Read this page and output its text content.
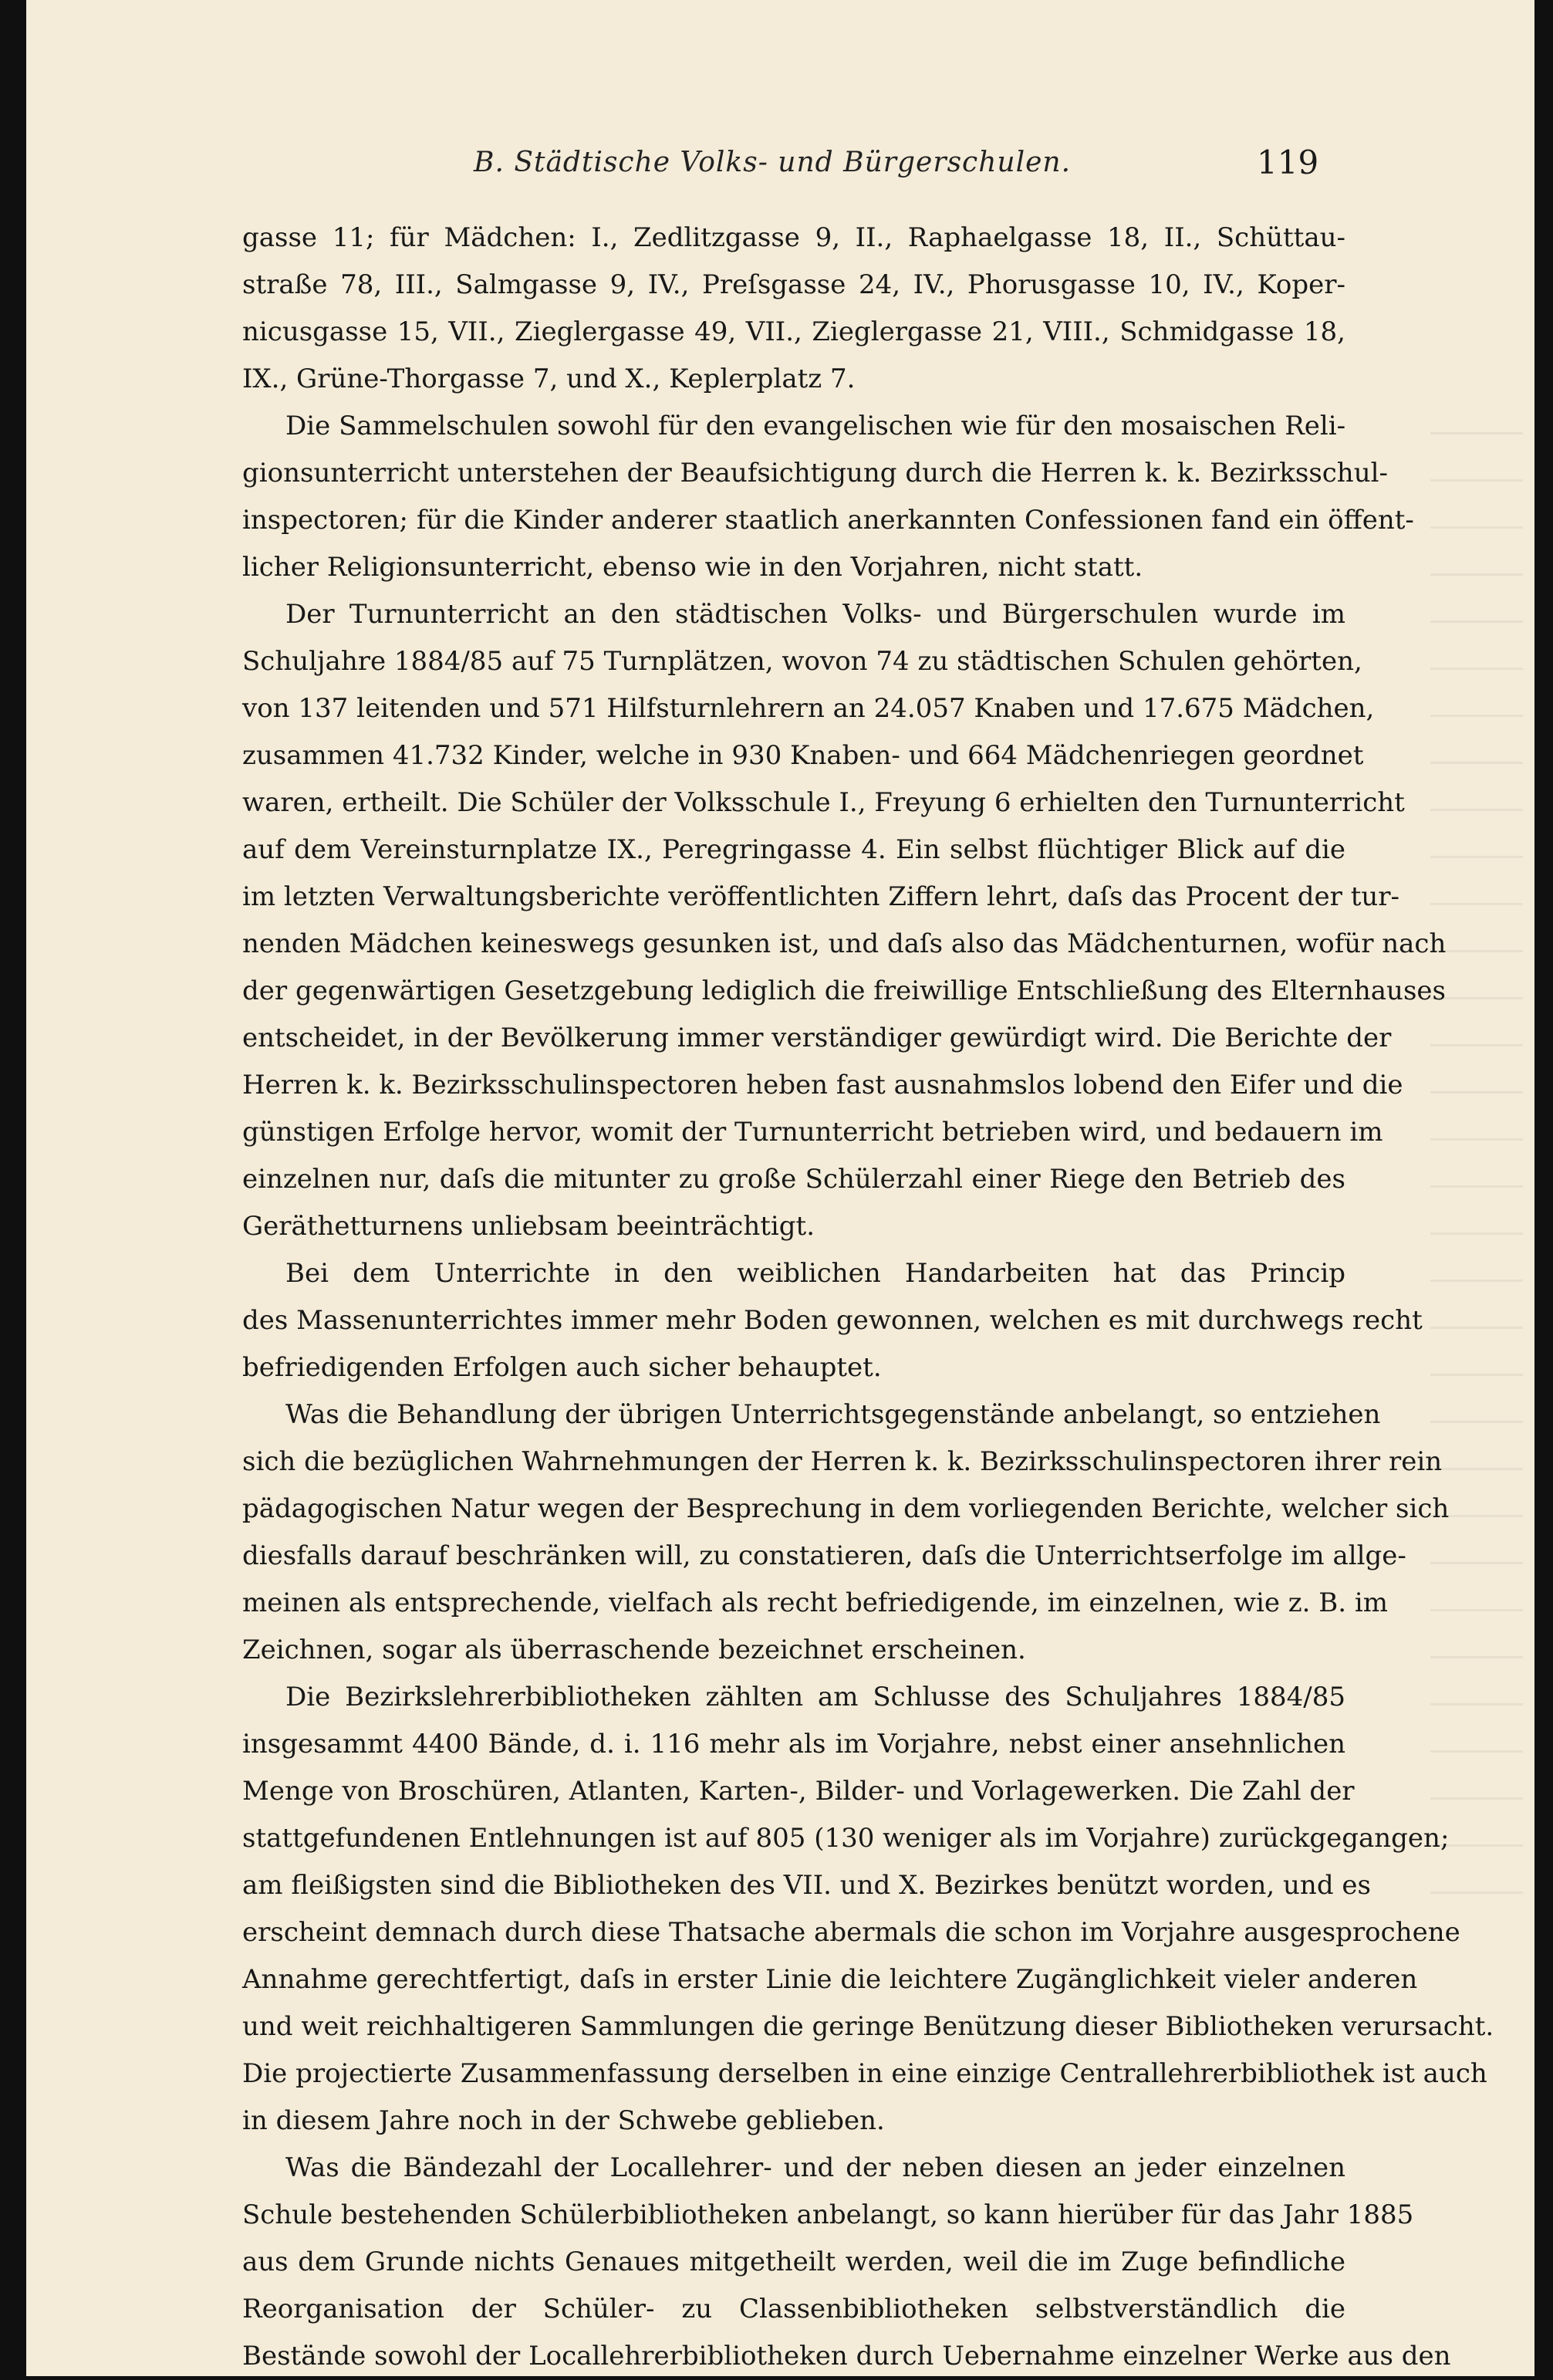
B. Städtische Volks- und Bürgerschulen.	119
gasse 11; für Mädchen: I., Zedlitzgasse 9, II., Raphaelgasse 18, II., Schüttau-
straße 78, III., Salmgasse 9, IV., Preſsgasse 24, IV., Phorusgasse 10, IV., Koper-
nicusgasse 15, VII., Zieglergasse 49, VII., Zieglergasse 21, VIII., Schmidgasse 18,
IX., Grüne-Thorgasse 7, und X., Keplerplatz 7.
Die Sammelschulen sowohl für den evangelischen wie für den mosaischen Reli-
gionsunterricht unterstehen der Beaufsichtigung durch die Herren k. k. Bezirksschul-
inspectoren; für die Kinder anderer staatlich anerkannten Confessionen fand ein öffent-
licher Religionsunterricht, ebenso wie in den Vorjahren, nicht statt.
Der Turnunterricht an den städtischen Volks- und Bürgerschulen wurde im
Schuljahre 1884/85 auf 75 Turnplätzen, wovon 74 zu städtischen Schulen gehörten,
von 137 leitenden und 571 Hilfsturnlehrern an 24.057 Knaben und 17.675 Mädchen,
zusammen 41.732 Kinder, welche in 930 Knaben- und 664 Mädchenriegen geordnet
waren, ertheilt. Die Schüler der Volksschule I., Freyung 6 erhielten den Turnunterricht
auf dem Vereinsturnplatze IX., Peregringasse 4. Ein selbst flüchtiger Blick auf die
im letzten Verwaltungsberichte veröffentlichten Ziffern lehrt, daſs das Procent der tur-
nenden Mädchen keineswegs gesunken ist, und daſs also das Mädchenturnen, wofür nach
der gegenwärtigen Gesetzgebung lediglich die freiwillige Entschließung des Elternhauses
entscheidet, in der Bevölkerung immer verständiger gewürdigt wird. Die Berichte der
Herren k. k. Bezirksschulinspectoren heben fast ausnahmslos lobend den Eifer und die
günstigen Erfolge hervor, womit der Turnunterricht betrieben wird, und bedauern im
einzelnen nur, daſs die mitunter zu große Schülerzahl einer Riege den Betrieb des
Geräthetturnens unliebsam beeinträchtigt.
Bei dem Unterrichte in den weiblichen Handarbeiten hat das Princip
des Massenunterrichtes immer mehr Boden gewonnen, welchen es mit durchwegs recht
befriedigenden Erfolgen auch sicher behauptet.
Was die Behandlung der übrigen Unterrichtsgegenstände anbelangt, so entziehen
sich die bezüglichen Wahrnehmungen der Herren k. k. Bezirksschulinspectoren ihrer rein
pädagogischen Natur wegen der Besprechung in dem vorliegenden Berichte, welcher sich
diesfalls darauf beschränken will, zu constatieren, daſs die Unterrichtserfolge im allge-
meinen als entsprechende, vielfach als recht befriedigende, im einzelnen, wie z. B. im
Zeichnen, sogar als überraschende bezeichnet erscheinen.
Die Bezirkslehrerbibliotheken zählten am Schlusse des Schuljahres 1884/85
insgesammt 4400 Bände, d. i. 116 mehr als im Vorjahre, nebst einer ansehnlichen
Menge von Broschüren, Atlanten, Karten-, Bilder- und Vorlagewerken. Die Zahl der
stattgefundenen Entlehnungen ist auf 805 (130 weniger als im Vorjahre) zurückgegangen;
am fleißigsten sind die Bibliotheken des VII. und X. Bezirkes benützt worden, und es
erscheint demnach durch diese Thatsache abermals die schon im Vorjahre ausgesprochene
Annahme gerechtfertigt, daſs in erster Linie die leichtere Zugänglichkeit vieler anderen
und weit reichhaltigeren Sammlungen die geringe Benützung dieser Bibliotheken verursacht.
Die projectierte Zusammenfassung derselben in eine einzige Centrallehrerbibliothek ist auch
in diesem Jahre noch in der Schwebe geblieben.
Was die Bändezahl der Locallehrer- und der neben diesen an jeder einzelnen
Schule bestehenden Schülerbibliotheken anbelangt, so kann hierüber für das Jahr 1885
aus dem Grunde nichts Genaues mitgetheilt werden, weil die im Zuge befindliche
Reorganisation der Schüler- zu Classenbibliotheken selbstverständlich die
Bestände sowohl der Locallehrerbibliotheken durch Uebernahme einzelner Werke aus den
